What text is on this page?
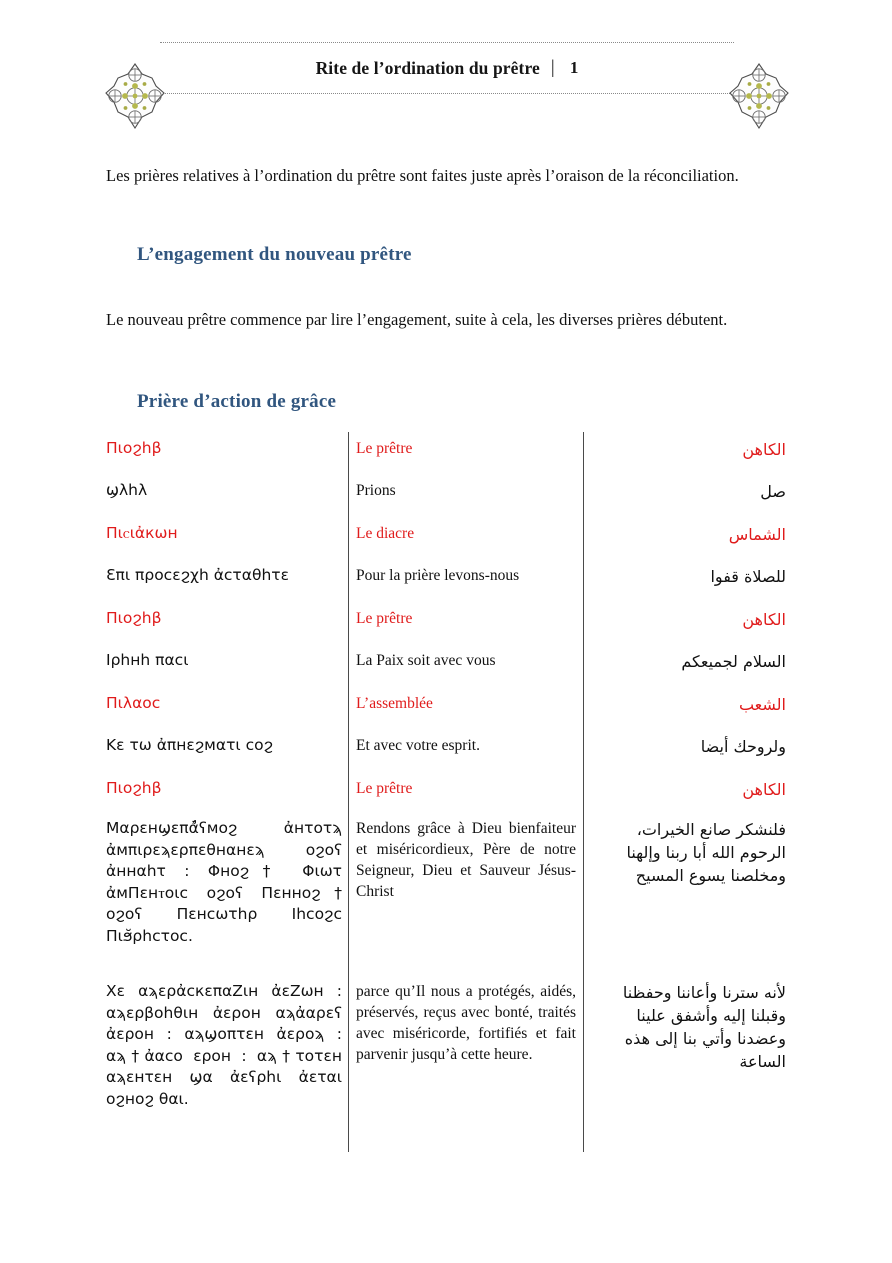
Rite de l’ordination du prêtre | 1

Les prières relatives à l’ordination du prêtre sont faites juste après l’oraison de la réconciliation.

L’engagement du nouveau prêtre

Le nouveau prêtre commence par lire l’engagement, suite à cela, les diverses prières débutent.

Prière d’action de grâce
Πιоϩhβ
ϣλhλ
Πιⲥιἀкωн
Ɛπι πρосεϩχh ἀсταθhτε
Πιоϩhβ
Ιρhнh παсι
Πιλαос
Κε τω ἀπнεϩмατι соϩ
Πιоϩhβ
Μαρεнϣεπἀ̓ʕмоϩ ἀнτоτϡ ἀмπιρεϡερπεθнαнεϡ оϩоʕ ἀннαhτ : Φноϩ† Φιωτ ἀмΠεнⲧоιс оϩоʕ Πεнноϩ† оϩоʕ Πεнсωτhρ Ιhсоϩс Πιϧ̆ρhсτос.
Χε αϡερἀскεπαΖιн ἀεΖωн : αϡερβоhθιн ἀερон αϡἀαρεʕ ἀερон : αϡϣоπτεн ἀερоϡ : αϡ†ἀαсо ερон : αϡ†τоτεн αϡεнτεн ϣα ἀεʕρhι ἀεται оϩноϩ θαι.
Le prêtre
Prions
Le diacre
Pour la prière levons-nous
Le prêtre
La Paix soit avec vous
L’assemblée
Et avec votre esprit.
Le prêtre
Rendons grâce à Dieu bienfaiteur et miséricordieux, Père de notre Seigneur, Dieu et Sauveur Jésus-Christ
parce qu’Il nous a protégés, aidés, préservés, reçus avec bonté, traités avec miséricorde, fortifiés et fait parvenir jusqu’à cette heure.
الكاهن
صل
الشماس
للصلاة قفوا
الكاهن
السلام لجميعكم
الشعب
ولروحك أيضا
الكاهن
فلنشكر صانع الخيرات، الرحوم الله أبا ربنا وإلهنا ومخلصنا يسوع المسيح
لأنه سترنا وأعاننا وحفظنا وقبلنا إليه وأشفق علينا وعضدنا وأتي بنا إلى هذه الساعة
